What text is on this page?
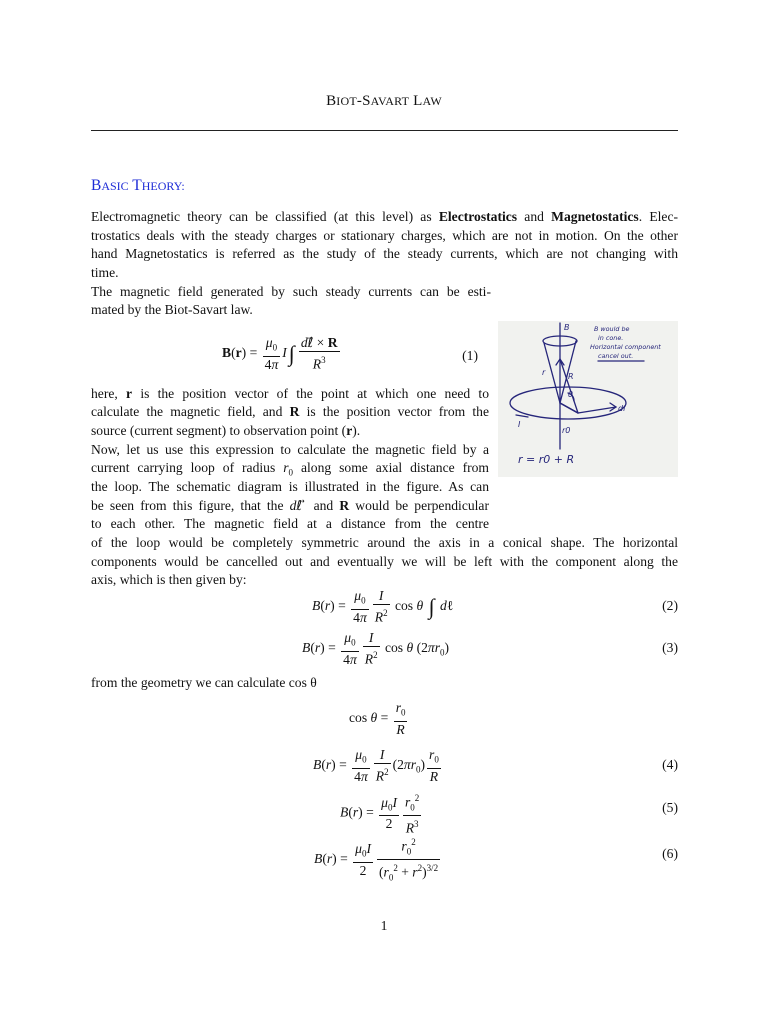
BIOT-SAVART LAW
BASIC THEORY:
Electromagnetic theory can be classified (at this level) as Electrostatics and Magnetostatics. Elec-
trostatics deals with the steady charges or stationary charges, which are not in motion. On the other
hand Magnetostatics is referred as the study of the steady currents, which are not changing with
time.
The magnetic field generated by such steady currents can be esti-
mated by the Biot-Savart law.
$B(r) = \frac{\mu_0}{4\pi} I\int \frac{\text{dℓ⃗ × R}}{R^3}$	(1)
B
r	R
θ
dl
I
r0
B would be
in cone.
Horizontal component
cancel out.
r = r0 + R
here, r is the position vector of the point at which one need to
calculate the magnetic field, and R is the position vector from the
source (current segment) to observation point (r).
Now, let us use this expression to calculate the magnetic field by a
current carrying loop of radius $r_0$ along some axial distance from
the loop. The schematic diagram is illustrated in the figure. As can
be seen from this figure, that the dℓ⃗ and R would be perpendicular
to each other. The magnetic field at a distance from the centre
of the loop would be completely symmetric around the axis in a conical shape. The horizontal
components would be cancelled out and eventually we will be left with the component along the
axis, which is then given by:
$B(r) = \frac{\mu_0}{4\pi} \frac{I}{R^2}$ cos θ ∫ dℓ	(2)
$B(r) = \frac{\mu_0}{4\pi} \frac{I}{R^2}$ cos θ $(2\pi r_0)$	(3)
from the geometry we can calculate cos θ
$\cos \theta = \frac{r_0}{R}$
$B(r) = \frac{\mu_0}{4\pi} \frac{I}{R^2} (2\pi r_0) \frac{r_0}{R}$	(4)
$B(r) = \frac{\mu_0I}{2} \frac{r_0^2}{R^3}$	(5)
$B(r) = \frac{\mu_0I}{2} \frac{r_0^2}{(r_0^2 + r^2)^{3/2}}$	(6)
1
